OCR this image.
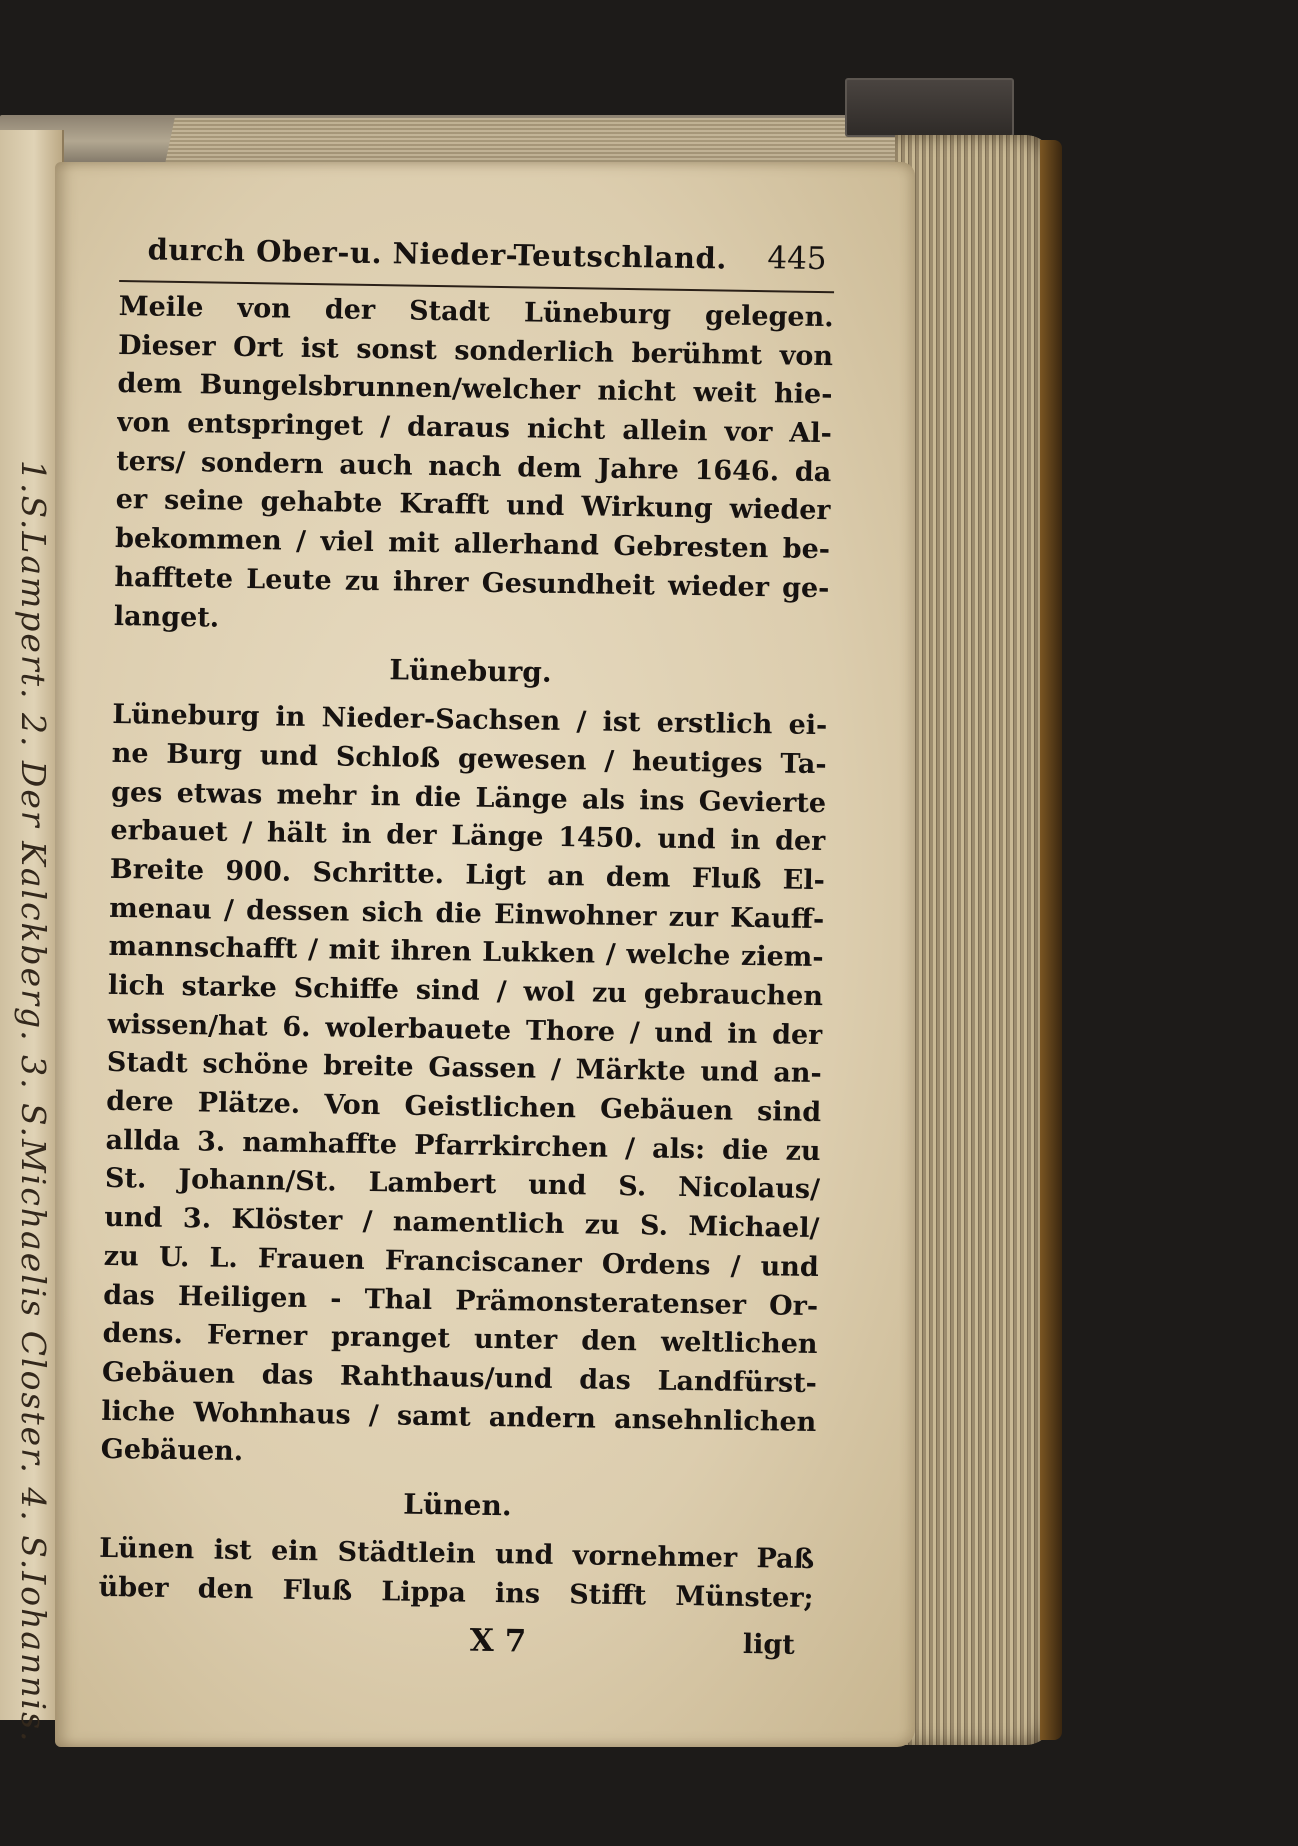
1.S.Lampert. 2. Der Kalckberg. 3. S.Michaelis Closter. 4. S.Iohannis.
durch Ober-u. Nieder-Teutschland. 445
Meile von der Stadt Lüneburg gelegen.
Dieser Ort ist sonst sonderlich berühmt von
dem Bungelsbrunnen/welcher nicht weit hie-
von entspringet / daraus nicht allein vor Al-
ters/ sondern auch nach dem Jahre 1646. da
er seine gehabte Krafft und Wirkung wieder
bekommen / viel mit allerhand Gebresten be-
hafftete Leute zu ihrer Gesundheit wieder ge-
langet.
Lüneburg.
Lüneburg in Nieder-Sachsen / ist erstlich ei-
ne Burg und Schloß gewesen / heutiges Ta-
ges etwas mehr in die Länge als ins Gevierte
erbauet / hält in der Länge 1450. und in der
Breite 900. Schritte. Ligt an dem Fluß El-
menau / dessen sich die Einwohner zur Kauff-
mannschafft / mit ihren Lukken / welche ziem-
lich starke Schiffe sind / wol zu gebrauchen
wissen/hat 6. wolerbauete Thore / und in der
Stadt schöne breite Gassen / Märkte und an-
dere Plätze. Von Geistlichen Gebäuen sind
allda 3. namhaffte Pfarrkirchen / als: die zu
St. Johann/St. Lambert und S. Nicolaus/
und 3. Klöster / namentlich zu S. Michael/
zu U. L. Frauen Franciscaner Ordens / und
das Heiligen - Thal Prämonsteratenser Or-
dens. Ferner pranget unter den weltlichen
Gebäuen das Rahthaus/und das Landfürst-
liche Wohnhaus / samt andern ansehnlichen
Gebäuen.
Lünen.
Lünen ist ein Städtlein und vornehmer Paß
über den Fluß Lippa ins Stifft Münster;
X 7	ligt
